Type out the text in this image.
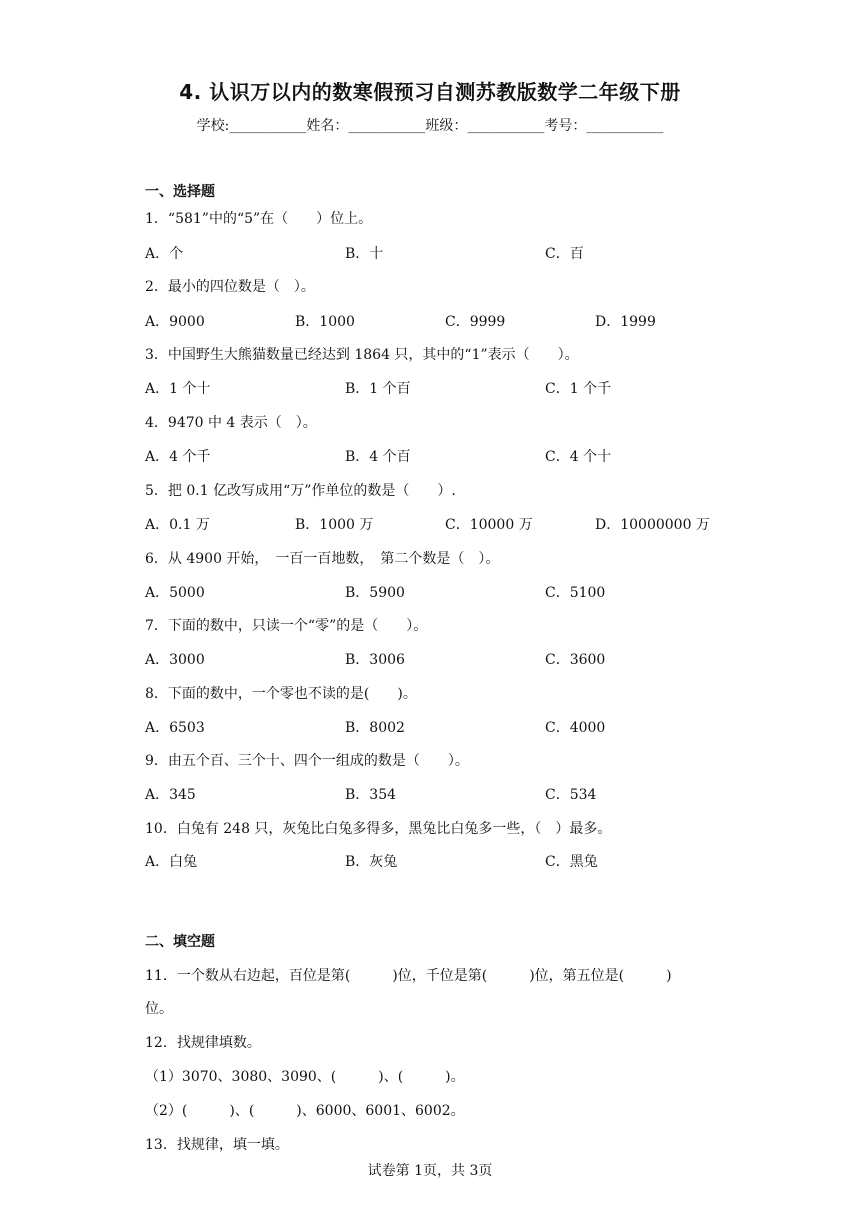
4. 认识万以内的数寒假预习自测苏教版数学二年级下册
学校:___________姓名：___________班级：___________考号：___________
一、选择题
1．“581”中的“5”在（　　）位上。
A．个	B．十	C．百
2．最小的四位数是（　）。
A．9000	B．1000	C．9999	D．1999
3．中国野生大熊猫数量已经达到 1864 只，其中的“1”表示（　　）。
A．1 个十	B．1 个百	C．1 个千
4．9470 中 4 表示（　）。
A．4 个千	B．4 个百	C．4 个十
5．把 0.1 亿改写成用“万”作单位的数是（　　）.
A．0.1 万	B．1000 万	C．10000 万	D．10000000 万
6．从 4900 开始，　一百一百地数，　第二个数是（　）。
A．5000	B．5900	C．5100
7．下面的数中，只读一个“零”的是（　　）。
A．3000	B．3006	C．3600
8．下面的数中，一个零也不读的是(　　)。
A．6503	B．8002	C．4000
9．由五个百、三个十、四个一组成的数是（　　）。
A．345	B．354	C．534
10．白兔有 248 只，灰兔比白兔多得多，黑兔比白兔多一些，（　）最多。
A．白兔	B．灰兔	C．黑兔
二、填空题
11．一个数从右边起，百位是第(　　　)位，千位是第(　　　)位，第五位是(　　　)
位。
12．找规律填数。
（1）3070、3080、3090、(　　　)、(　　　)。
（2）(　　　)、(　　　)、6000、6001、6002。
13．找规律，填一填。
试卷第 1页，共 3页
